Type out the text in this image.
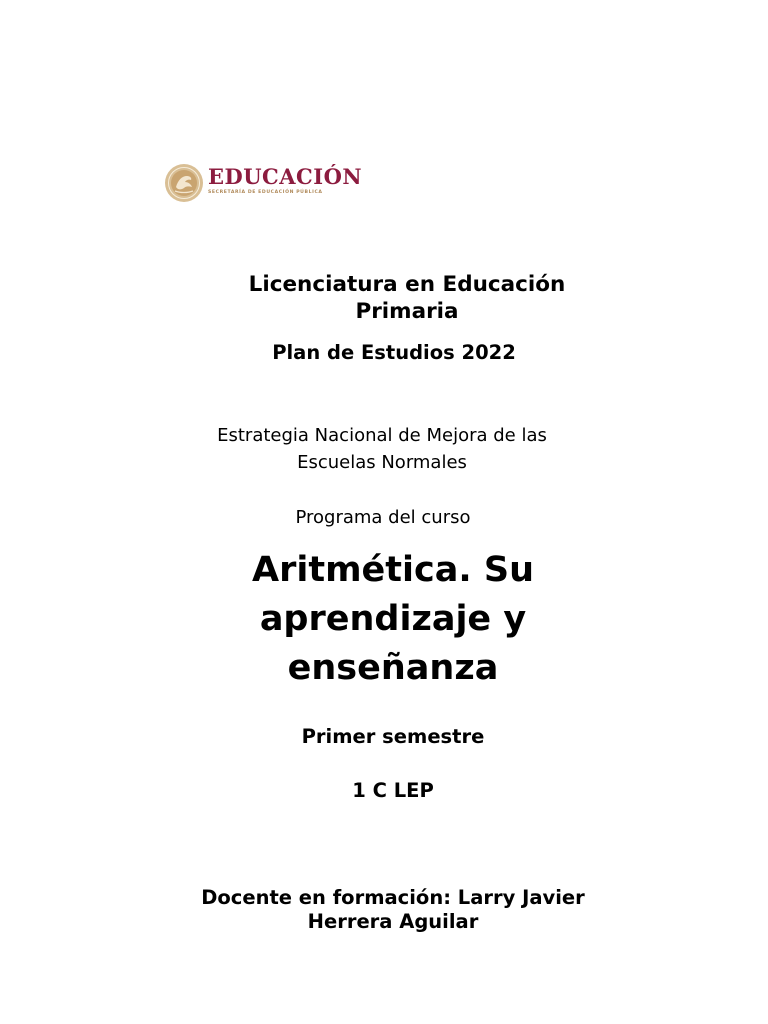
EDUCACIÓN
SECRETARÍA DE EDUCACIÓN PÚBLICA
Licenciatura en Educación
Primaria
Plan de Estudios 2022
Estrategia Nacional de Mejora de las
Escuelas Normales
Programa del curso
Aritmética. Su
aprendizaje y
enseñanza
Primer semestre
1 C LEP
Docente en formación: Larry Javier
Herrera Aguilar
